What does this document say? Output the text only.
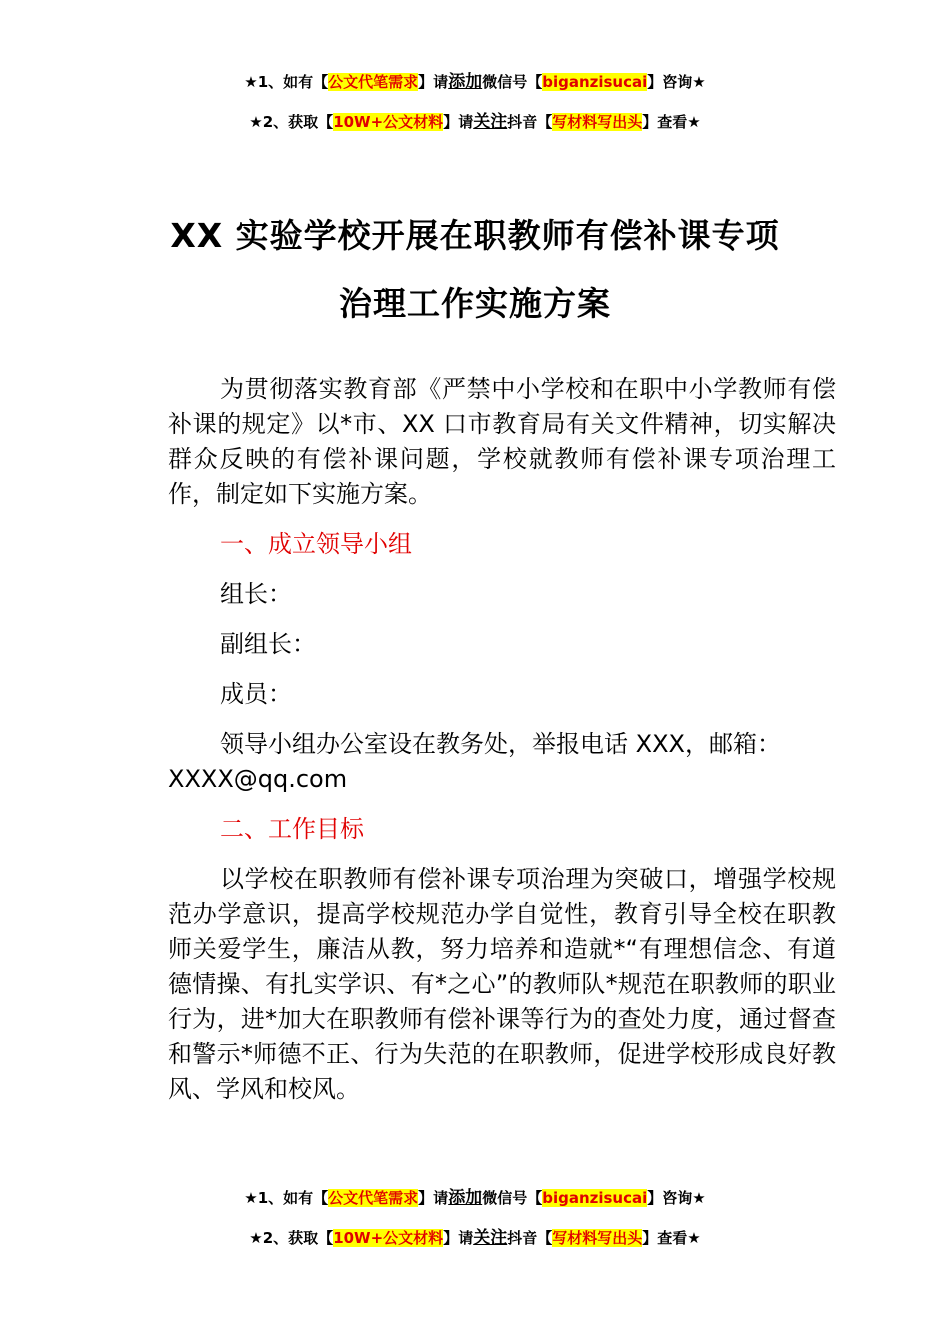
★1、如有【公文代笔需求】请添加微信号【biganzisucai】咨询★
★2、获取【10W+公文材料】请关注抖音【写材料写出头】查看★
XX 实验学校开展在职教师有偿补课专项
治理工作实施方案

为贯彻落实教育部《严禁中小学校和在职中小学教师有偿补课的规定》以*市、XX 口市教育局有关文件精神，切实解决群众反映的有偿补课问题，学校就教师有偿补课专项治理工作，制定如下实施方案。

一、成立领导小组

组长：

副组长：

成员：

领导小组办公室设在教务处，举报电话 XXX，邮箱：

XXXX@qq.com

二、工作目标

以学校在职教师有偿补课专项治理为突破口，增强学校规范办学意识，提高学校规范办学自觉性，教育引导全校在职教师关爱学生，廉洁从教，努力培养和造就*“有理想信念、有道德情操、有扎实学识、有*之心”的教师队*规范在职教师的职业行为，进*加大在职教师有偿补课等行为的查处力度，通过督查和警示*师德不正、行为失范的在职教师，促进学校形成良好教风、学风和校风。

★1、如有【公文代笔需求】请添加微信号【biganzisucai】咨询★
★2、获取【10W+公文材料】请关注抖音【写材料写出头】查看★
